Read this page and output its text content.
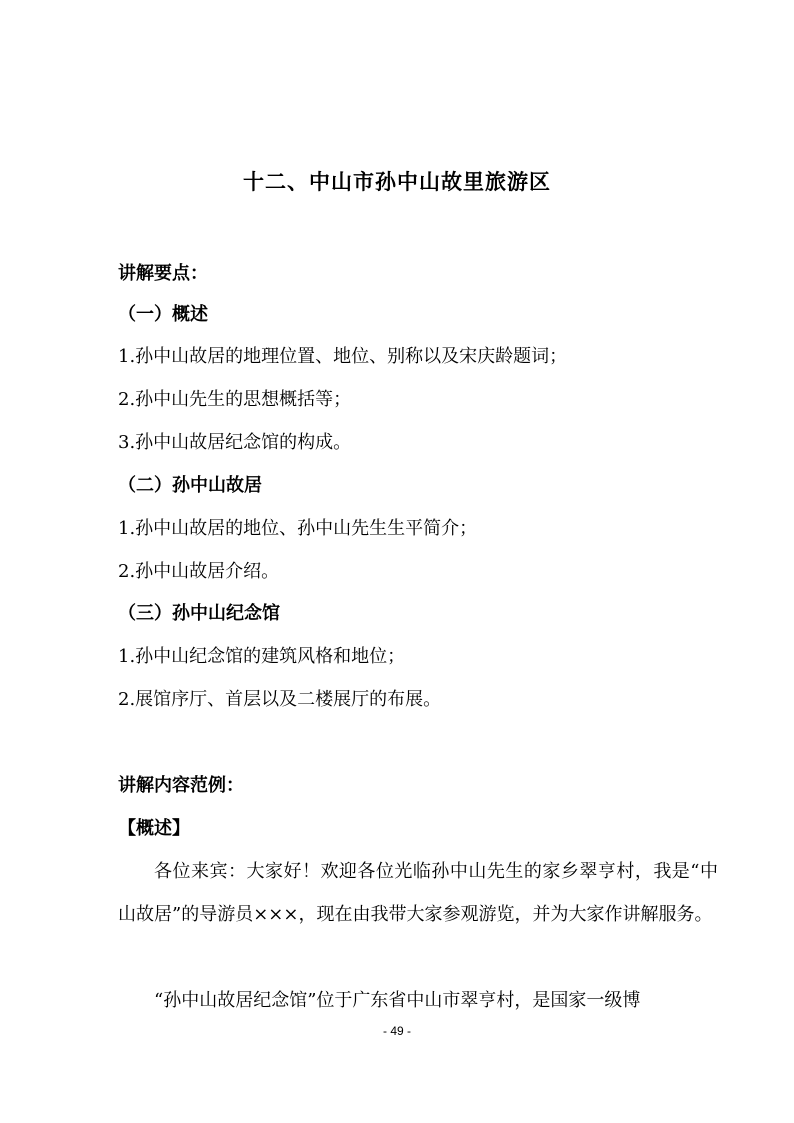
十二、中山市孙中山故里旅游区
讲解要点：
（一）概述
1.孙中山故居的地理位置、地位、别称以及宋庆龄题词；
2.孙中山先生的思想概括等；
3.孙中山故居纪念馆的构成。
（二）孙中山故居
1.孙中山故居的地位、孙中山先生生平简介；
2.孙中山故居介绍。
（三）孙中山纪念馆
1.孙中山纪念馆的建筑风格和地位；
2.展馆序厅、首层以及二楼展厅的布展。
讲解内容范例：
【概述】
各位来宾：大家好！欢迎各位光临孙中山先生的家乡翠亨村，我是“中山故居”的导游员×××，现在由我带大家参观游览，并为大家作讲解服务。
“孙中山故居纪念馆”位于广东省中山市翠亨村，是国家一级博
- 49 -
